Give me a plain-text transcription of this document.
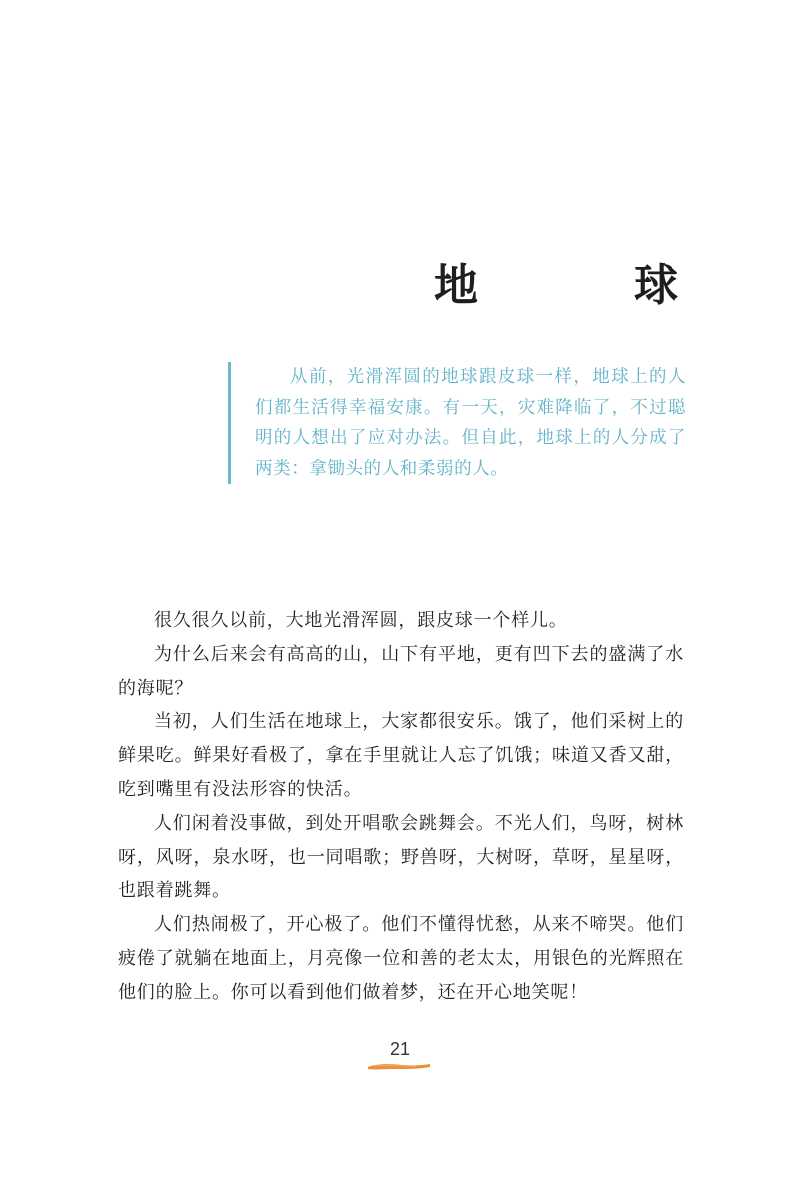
地　球

从前，光滑浑圆的地球跟皮球一样，地球上的人们都生活得幸福安康。有一天，灾难降临了，不过聪明的人想出了应对办法。但自此，地球上的人分成了两类：拿锄头的人和柔弱的人。

很久很久以前，大地光滑浑圆，跟皮球一个样儿。

为什么后来会有高高的山，山下有平地，更有凹下去的盛满了水的海呢？

当初，人们生活在地球上，大家都很安乐。饿了，他们采树上的鲜果吃。鲜果好看极了，拿在手里就让人忘了饥饿；味道又香又甜，吃到嘴里有没法形容的快活。

人们闲着没事做，到处开唱歌会跳舞会。不光人们，鸟呀，树林呀，风呀，泉水呀，也一同唱歌；野兽呀，大树呀，草呀，星星呀，也跟着跳舞。

人们热闹极了，开心极了。他们不懂得忧愁，从来不啼哭。他们疲倦了就躺在地面上，月亮像一位和善的老太太，用银色的光辉照在他们的脸上。你可以看到他们做着梦，还在开心地笑呢！

21
